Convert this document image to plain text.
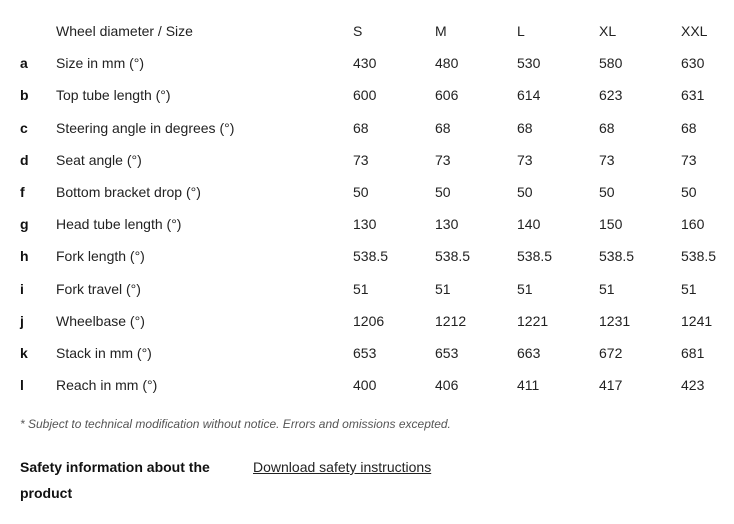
Wheel diameter / Size	S	M	L	XL	XXL
a Size in mm (°)	430	480	530	580	630
b Top tube length (°)	600	606	614	623	631
c Steering angle in degrees (°)	68	68	68	68	68
d Seat angle (°)	73	73	73	73	73
f Bottom bracket drop (°)	50	50	50	50	50
g Head tube length (°)	130	130	140	150	160
h Fork length (°)	538.5	538.5	538.5	538.5	538.5
i Fork travel (°)	51	51	51	51	51
j Wheelbase (°)	1206	1212	1221	1231	1241
k Stack in mm (°)	653	653	663	672	681
l Reach in mm (°)	400	406	411	417	423
* Subject to technical modification without notice. Errors and omissions excepted.
Safety information about the product
Download safety instructions
